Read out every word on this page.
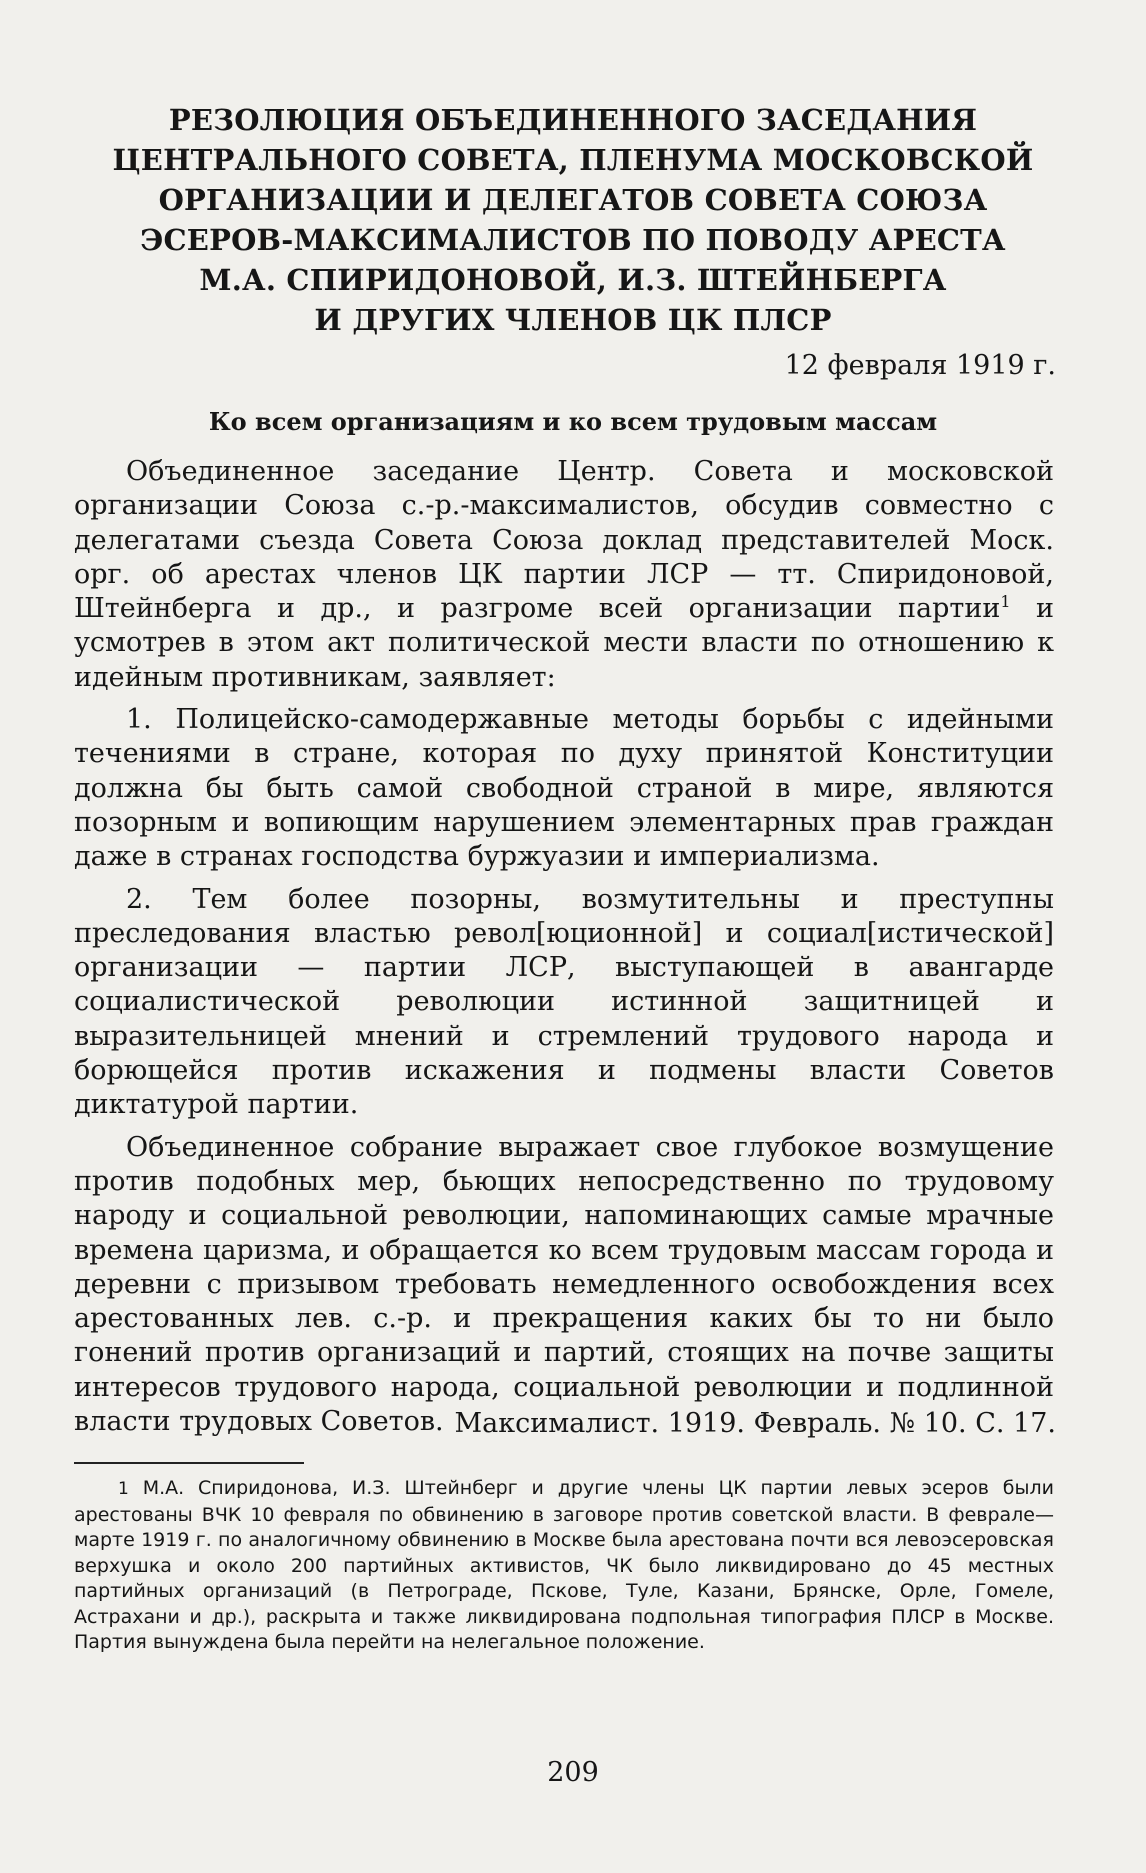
РЕЗОЛЮЦИЯ ОБЪЕДИНЕННОГО ЗАСЕДАНИЯ
ЦЕНТРАЛЬНОГО СОВЕТА, ПЛЕНУМА МОСКОВСКОЙ
ОРГАНИЗАЦИИ И ДЕЛЕГАТОВ СОВЕТА СОЮЗА
ЭСЕРОВ-МАКСИМАЛИСТОВ ПО ПОВОДУ АРЕСТА
М.А. СПИРИДОНОВОЙ, И.З. ШТЕЙНБЕРГА
И ДРУГИХ ЧЛЕНОВ ЦК ПЛСР
12 февраля 1919 г.
Ко всем организациям и ко всем трудовым массам

Объединенное заседание Центр. Совета и московской организации Союза с.-р.-максималистов, обсудив совместно с делегатами съезда Совета Союза доклад представителей Моск. орг. об арестах членов ЦК партии ЛСР — тт. Спиридоновой, Штейнберга и др., и разгроме всей организации партии$^1$ и усмотрев в этом акт политической мести власти по отношению к идейным противникам, заявляет:

1. Полицейско-самодержавные методы борьбы с идейными течениями в стране, которая по духу принятой Конституции должна бы быть самой свободной страной в мире, являются позорным и вопиющим нарушением элементарных прав граждан даже в странах господства буржуазии и империализма.

2. Тем более позорны, возмутительны и преступны преследования властью револ[юционной] и социал[истической] организации — партии ЛСР, выступающей в авангарде социалистической революции истинной защитницей и выразительницей мнений и стремлений трудового народа и борющейся против искажения и подмены власти Советов диктатурой партии.

Объединенное собрание выражает свое глубокое возмущение против подобных мер, бьющих непосредственно по трудовому народу и социальной революции, напоминающих самые мрачные времена царизма, и обращается ко всем трудовым массам города и деревни с призывом требовать немедленного освобождения всех арестованных лев. с.-р. и прекращения каких бы то ни было гонений против организаций и партий, стоящих на почве защиты интересов трудового народа, социальной революции и подлинной власти трудовых Советов. Максималист. 1919. Февраль. № 10. С. 17.
1 М.А. Спиридонова, И.З. Штейнберг и другие члены ЦК партии левых эсеров были арестованы ВЧК 10 февраля по обвинению в заговоре против советской власти. В феврале—марте 1919 г. по аналогичному обвинению в Москве была арестована почти вся левоэсеровская верхушка и около 200 партийных активистов, ЧК было ликвидировано до 45 местных партийных организаций (в Петрограде, Пскове, Туле, Казани, Брянске, Орле, Гомеле, Астрахани и др.), раскрыта и также ликвидирована подпольная типография ПЛСР в Москве. Партия вынуждена была перейти на нелегальное положение.
209
